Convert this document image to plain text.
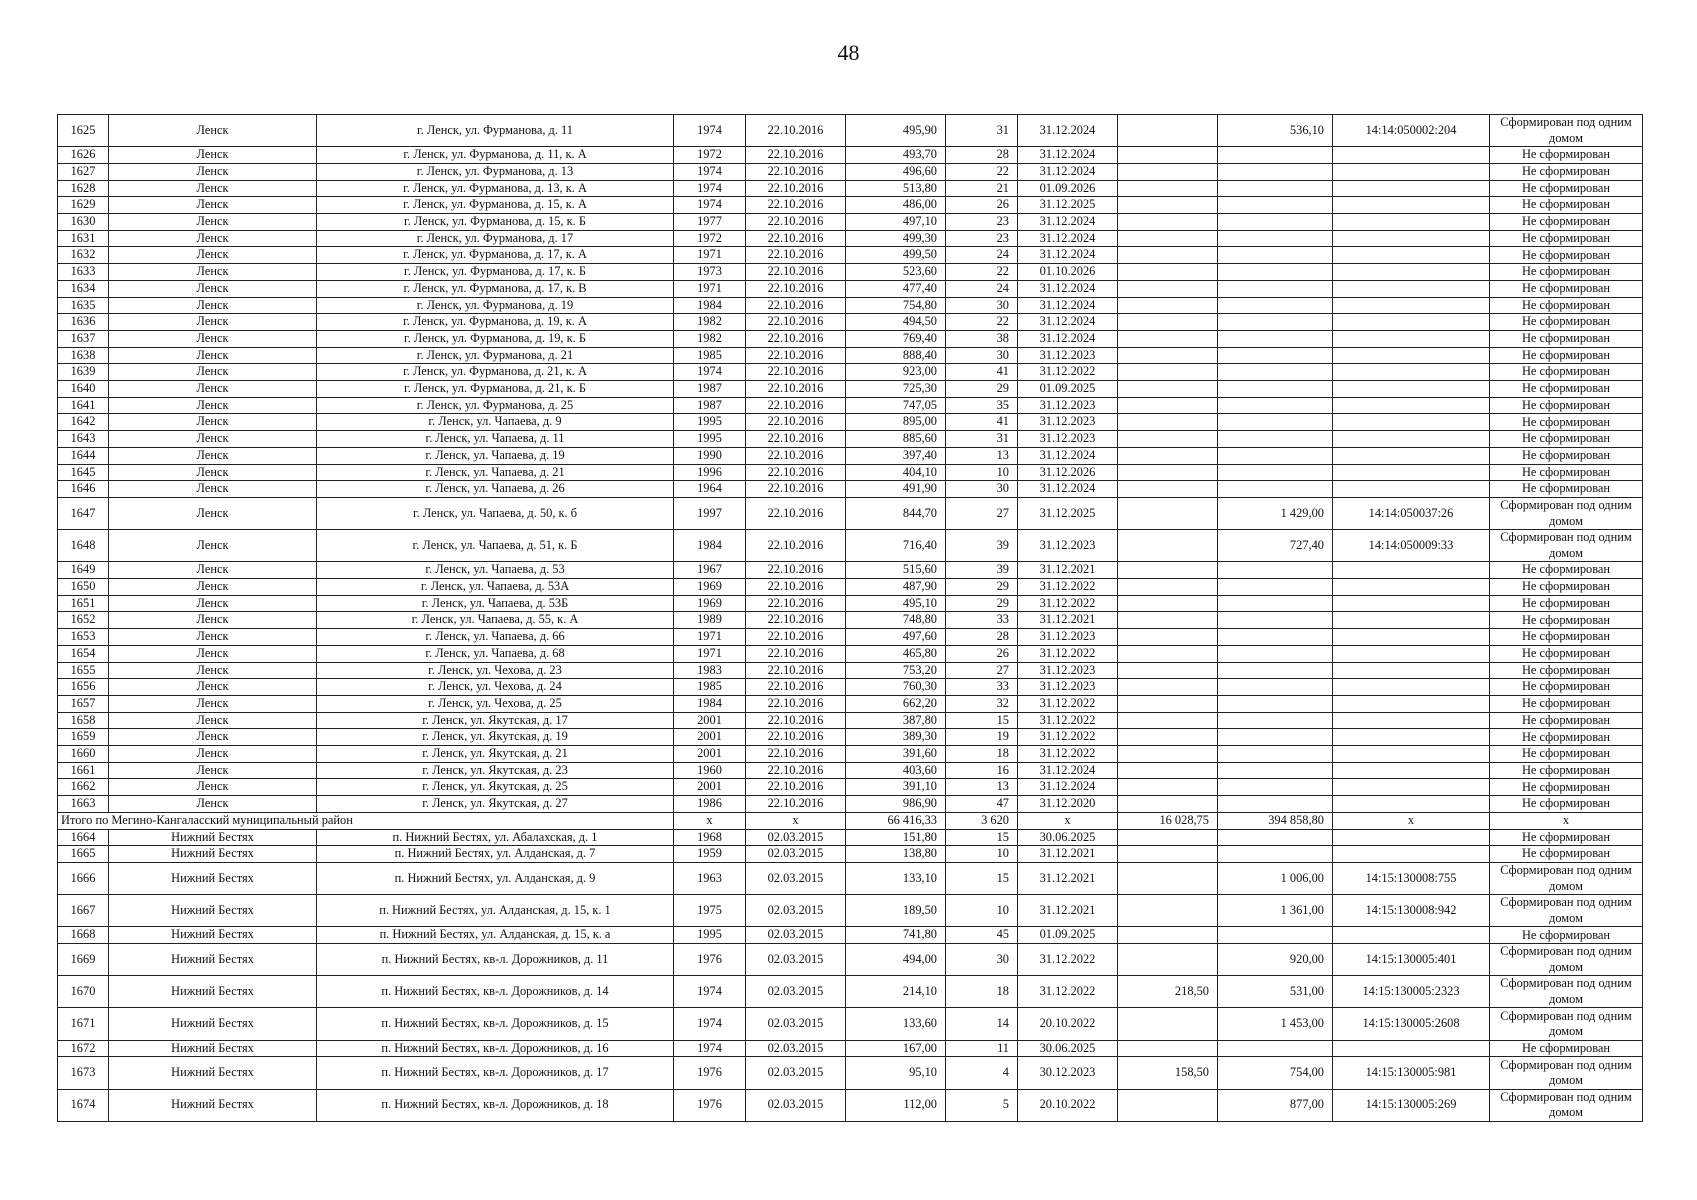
48
1625	Ленск	г. Ленск, ул. Фурманова, д. 11	1974	22.10.2016	495,90	31	31.12.2024		536,10	14:14:050002:204	Сформирован под одним домом
1626	Ленск	г. Ленск, ул. Фурманова, д. 11, к. А	1972	22.10.2016	493,70	28	31.12.2024				Не сформирован
1627	Ленск	г. Ленск, ул. Фурманова, д. 13	1974	22.10.2016	496,60	22	31.12.2024				Не сформирован
1628	Ленск	г. Ленск, ул. Фурманова, д. 13, к. А	1974	22.10.2016	513,80	21	01.09.2026				Не сформирован
1629	Ленск	г. Ленск, ул. Фурманова, д. 15, к. А	1974	22.10.2016	486,00	26	31.12.2025				Не сформирован
1630	Ленск	г. Ленск, ул. Фурманова, д. 15, к. Б	1977	22.10.2016	497,10	23	31.12.2024				Не сформирован
1631	Ленск	г. Ленск, ул. Фурманова, д. 17	1972	22.10.2016	499,30	23	31.12.2024				Не сформирован
1632	Ленск	г. Ленск, ул. Фурманова, д. 17, к. А	1971	22.10.2016	499,50	24	31.12.2024				Не сформирован
1633	Ленск	г. Ленск, ул. Фурманова, д. 17, к. Б	1973	22.10.2016	523,60	22	01.10.2026				Не сформирован
1634	Ленск	г. Ленск, ул. Фурманова, д. 17, к. В	1971	22.10.2016	477,40	24	31.12.2024				Не сформирован
1635	Ленск	г. Ленск, ул. Фурманова, д. 19	1984	22.10.2016	754,80	30	31.12.2024				Не сформирован
1636	Ленск	г. Ленск, ул. Фурманова, д. 19, к. А	1982	22.10.2016	494,50	22	31.12.2024				Не сформирован
1637	Ленск	г. Ленск, ул. Фурманова, д. 19, к. Б	1982	22.10.2016	769,40	38	31.12.2024				Не сформирован
1638	Ленск	г. Ленск, ул. Фурманова, д. 21	1985	22.10.2016	888,40	30	31.12.2023				Не сформирован
1639	Ленск	г. Ленск, ул. Фурманова, д. 21, к. А	1974	22.10.2016	923,00	41	31.12.2022				Не сформирован
1640	Ленск	г. Ленск, ул. Фурманова, д. 21, к. Б	1987	22.10.2016	725,30	29	01.09.2025				Не сформирован
1641	Ленск	г. Ленск, ул. Фурманова, д. 25	1987	22.10.2016	747,05	35	31.12.2023				Не сформирован
1642	Ленск	г. Ленск, ул. Чапаева, д. 9	1995	22.10.2016	895,00	41	31.12.2023				Не сформирован
1643	Ленск	г. Ленск, ул. Чапаева, д. 11	1995	22.10.2016	885,60	31	31.12.2023				Не сформирован
1644	Ленск	г. Ленск, ул. Чапаева, д. 19	1990	22.10.2016	397,40	13	31.12.2024				Не сформирован
1645	Ленск	г. Ленск, ул. Чапаева, д. 21	1996	22.10.2016	404,10	10	31.12.2026				Не сформирован
1646	Ленск	г. Ленск, ул. Чапаева, д. 26	1964	22.10.2016	491,90	30	31.12.2024				Не сформирован
1647	Ленск	г. Ленск, ул. Чапаева, д. 50, к. б	1997	22.10.2016	844,70	27	31.12.2025		1 429,00	14:14:050037:26	Сформирован под одним домом
1648	Ленск	г. Ленск, ул. Чапаева, д. 51, к. Б	1984	22.10.2016	716,40	39	31.12.2023		727,40	14:14:050009:33	Сформирован под одним домом
1649	Ленск	г. Ленск, ул. Чапаева, д. 53	1967	22.10.2016	515,60	39	31.12.2021				Не сформирован
1650	Ленск	г. Ленск, ул. Чапаева, д. 53А	1969	22.10.2016	487,90	29	31.12.2022				Не сформирован
1651	Ленск	г. Ленск, ул. Чапаева, д. 53Б	1969	22.10.2016	495,10	29	31.12.2022				Не сформирован
1652	Ленск	г. Ленск, ул. Чапаева, д. 55, к. А	1989	22.10.2016	748,80	33	31.12.2021				Не сформирован
1653	Ленск	г. Ленск, ул. Чапаева, д. 66	1971	22.10.2016	497,60	28	31.12.2023				Не сформирован
1654	Ленск	г. Ленск, ул. Чапаева, д. 68	1971	22.10.2016	465,80	26	31.12.2022				Не сформирован
1655	Ленск	г. Ленск, ул. Чехова, д. 23	1983	22.10.2016	753,20	27	31.12.2023				Не сформирован
1656	Ленск	г. Ленск, ул. Чехова, д. 24	1985	22.10.2016	760,30	33	31.12.2023				Не сформирован
1657	Ленск	г. Ленск, ул. Чехова, д. 25	1984	22.10.2016	662,20	32	31.12.2022				Не сформирован
1658	Ленск	г. Ленск, ул. Якутская, д. 17	2001	22.10.2016	387,80	15	31.12.2022				Не сформирован
1659	Ленск	г. Ленск, ул. Якутская, д. 19	2001	22.10.2016	389,30	19	31.12.2022				Не сформирован
1660	Ленск	г. Ленск, ул. Якутская, д. 21	2001	22.10.2016	391,60	18	31.12.2022				Не сформирован
1661	Ленск	г. Ленск, ул. Якутская, д. 23	1960	22.10.2016	403,60	16	31.12.2024				Не сформирован
1662	Ленск	г. Ленск, ул. Якутская, д. 25	2001	22.10.2016	391,10	13	31.12.2024				Не сформирован
1663	Ленск	г. Ленск, ул. Якутская, д. 27	1986	22.10.2016	986,90	47	31.12.2020				Не сформирован
Итого по Мегино-Кангаласский муниципальный район			x	x	66 416,33	3 620	x	16 028,75	394 858,80	x	x
1664	Нижний Бестях	п. Нижний Бестях, ул. Абалахская, д. 1	1968	02.03.2015	151,80	15	30.06.2025				Не сформирован
1665	Нижний Бестях	п. Нижний Бестях, ул. Алданская, д. 7	1959	02.03.2015	138,80	10	31.12.2021				Не сформирован
1666	Нижний Бестях	п. Нижний Бестях, ул. Алданская, д. 9	1963	02.03.2015	133,10	15	31.12.2021		1 006,00	14:15:130008:755	Сформирован под одним домом
1667	Нижний Бестях	п. Нижний Бестях, ул. Алданская, д. 15, к. 1	1975	02.03.2015	189,50	10	31.12.2021		1 361,00	14:15:130008:942	Сформирован под одним домом
1668	Нижний Бестях	п. Нижний Бестях, ул. Алданская, д. 15, к. а	1995	02.03.2015	741,80	45	01.09.2025				Не сформирован
1669	Нижний Бестях	п. Нижний Бестях, кв-л. Дорожников, д. 11	1976	02.03.2015	494,00	30	31.12.2022		920,00	14:15:130005:401	Сформирован под одним домом
1670	Нижний Бестях	п. Нижний Бестях, кв-л. Дорожников, д. 14	1974	02.03.2015	214,10	18	31.12.2022	218,50	531,00	14:15:130005:2323	Сформирован под одним домом
1671	Нижний Бестях	п. Нижний Бестях, кв-л. Дорожников, д. 15	1974	02.03.2015	133,60	14	20.10.2022		1 453,00	14:15:130005:2608	Сформирован под одним домом
1672	Нижний Бестях	п. Нижний Бестях, кв-л. Дорожников, д. 16	1974	02.03.2015	167,00	11	30.06.2025				Не сформирован
1673	Нижний Бестях	п. Нижний Бестях, кв-л. Дорожников, д. 17	1976	02.03.2015	95,10	4	30.12.2023	158,50	754,00	14:15:130005:981	Сформирован под одним домом
1674	Нижний Бестях	п. Нижний Бестях, кв-л. Дорожников, д. 18	1976	02.03.2015	112,00	5	20.10.2022		877,00	14:15:130005:269	Сформирован под одним домом
